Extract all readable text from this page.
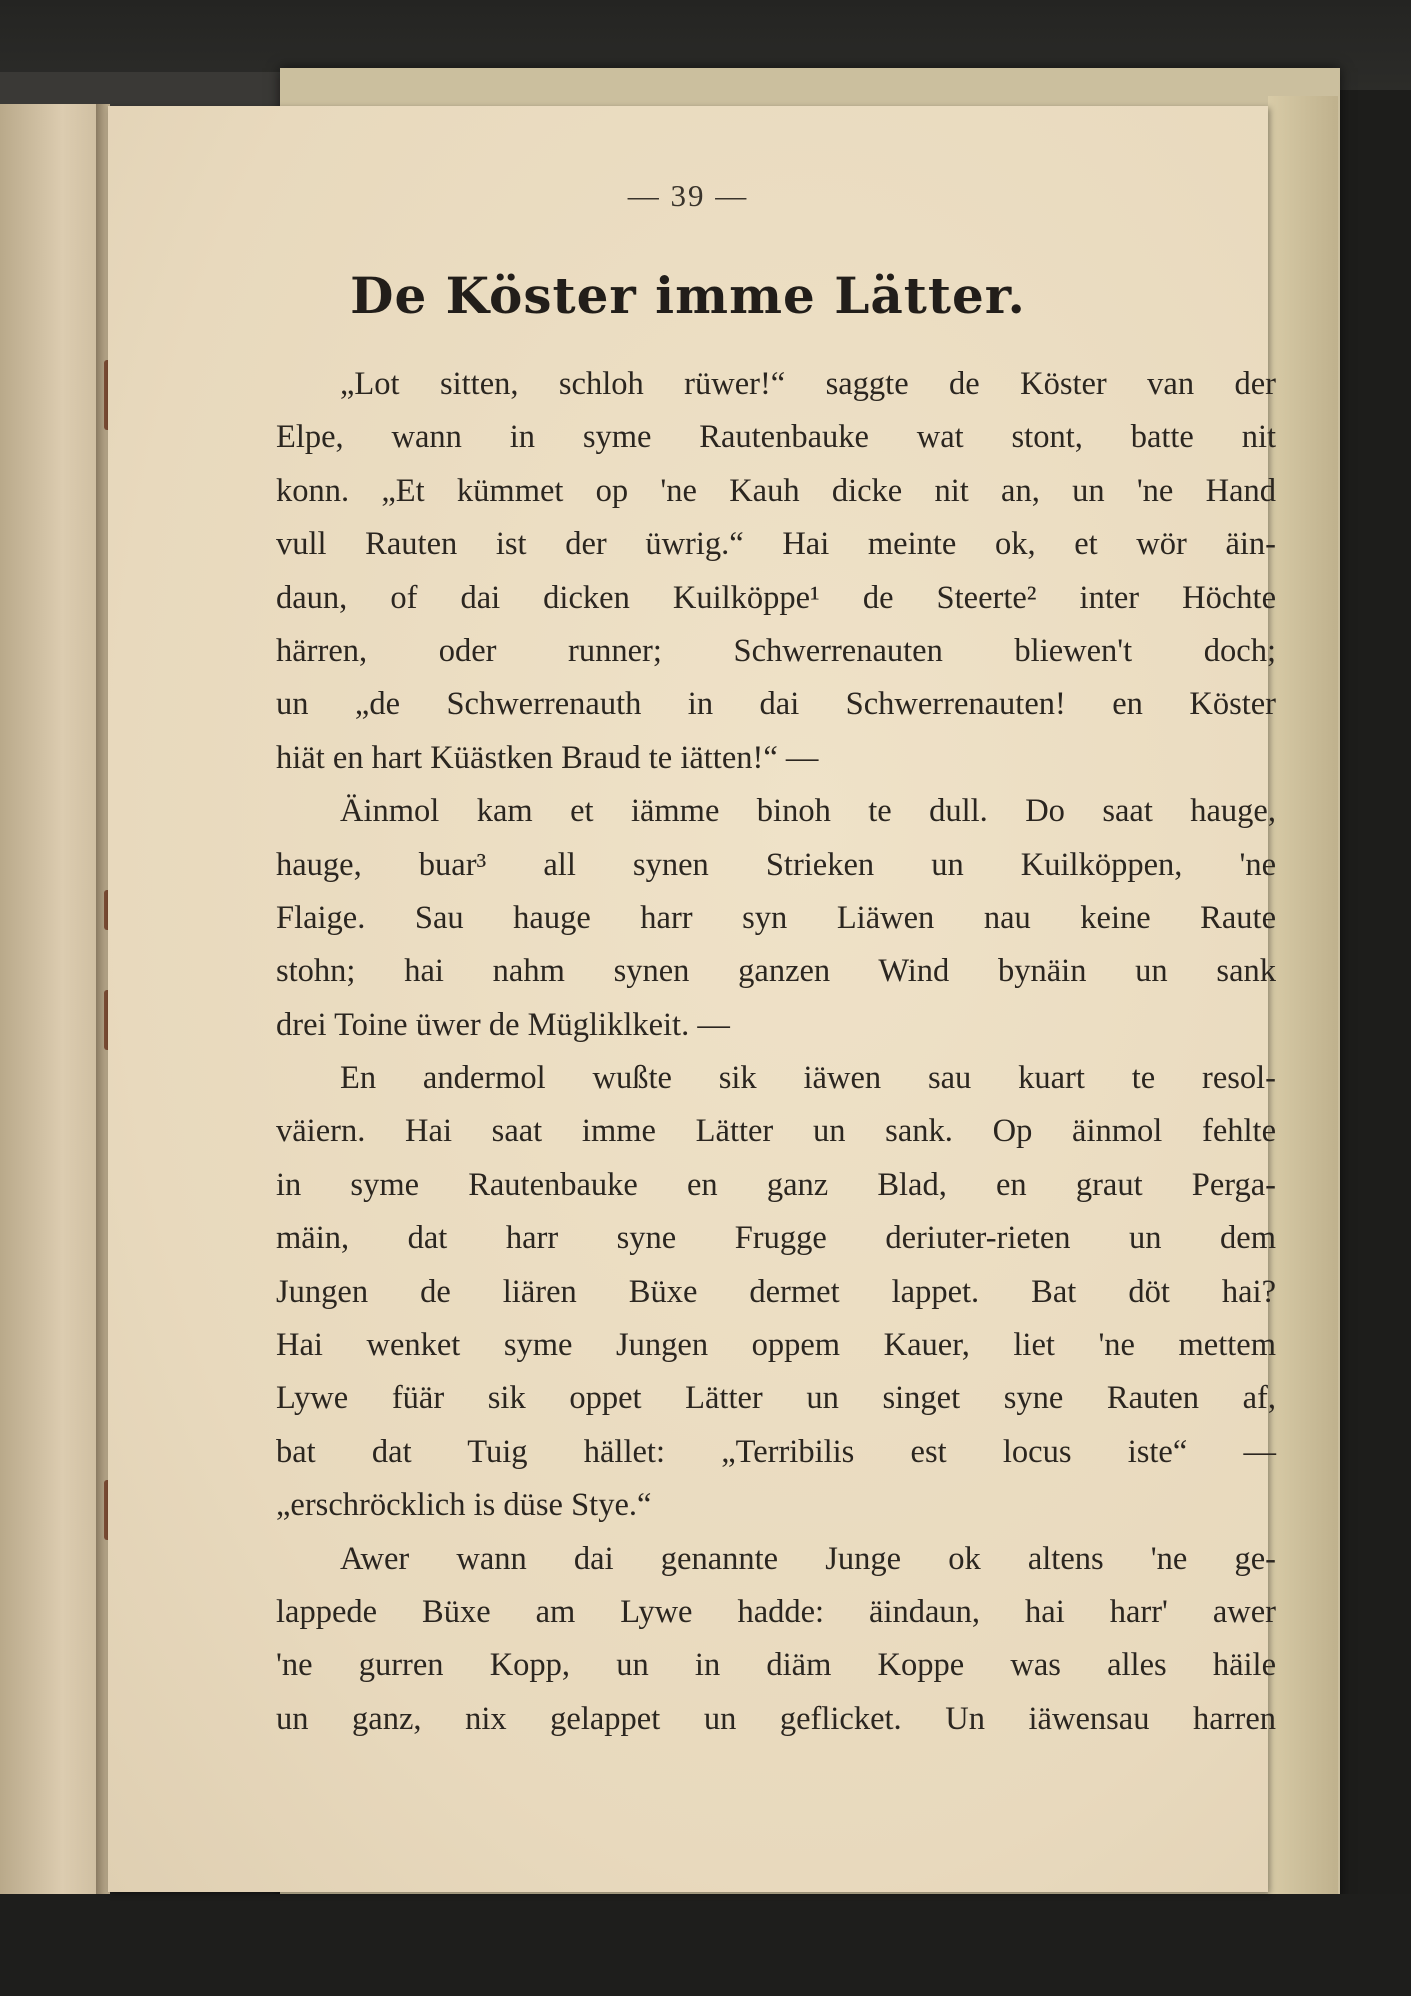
— 39 —
De Köster imme Lätter.
„Lot sitten, schloh rüwer!“ saggte de Köster van der
Elpe, wann in syme Rautenbauke wat stont, batte nit
konn. „Et kümmet op 'ne Kauh dicke nit an, un 'ne Hand
vull Rauten ist der üwrig.“ Hai meinte ok, et wör äin-
daun, of dai dicken Kuilköppe¹ de Steerte² inter Höchte
härren, oder runner; Schwerrenauten bliewen't doch;
un „de Schwerrenauth in dai Schwerrenauten! en Köster
hiät en hart Küästken Braud te iätten!“ —
Äinmol kam et iämme binoh te dull. Do saat hauge,
hauge, buar³ all synen Strieken un Kuilköppen, 'ne
Flaige. Sau hauge harr syn Liäwen nau keine Raute
stohn; hai nahm synen ganzen Wind bynäin un sank
drei Toine üwer de Mügliklkeit. —
En andermol wußte sik iäwen sau kuart te resol-
väiern. Hai saat imme Lätter un sank. Op äinmol fehlte
in syme Rautenbauke en ganz Blad, en graut Perga-
mäin, dat harr syne Frugge deriuter-rieten un dem
Jungen de liären Büxe dermet lappet. Bat döt hai?
Hai wenket syme Jungen oppem Kauer, liet 'ne mettem
Lywe füär sik oppet Lätter un singet syne Rauten af,
bat dat Tuig hället: „Terribilis est locus iste“ —
„erschröcklich is düse Stye.“
Awer wann dai genannte Junge ok altens 'ne ge-
lappede Büxe am Lywe hadde: äindaun, hai harr' awer
'ne gurren Kopp, un in diäm Koppe was alles häile
un ganz, nix gelappet un geflicket. Un iäwensau harren
